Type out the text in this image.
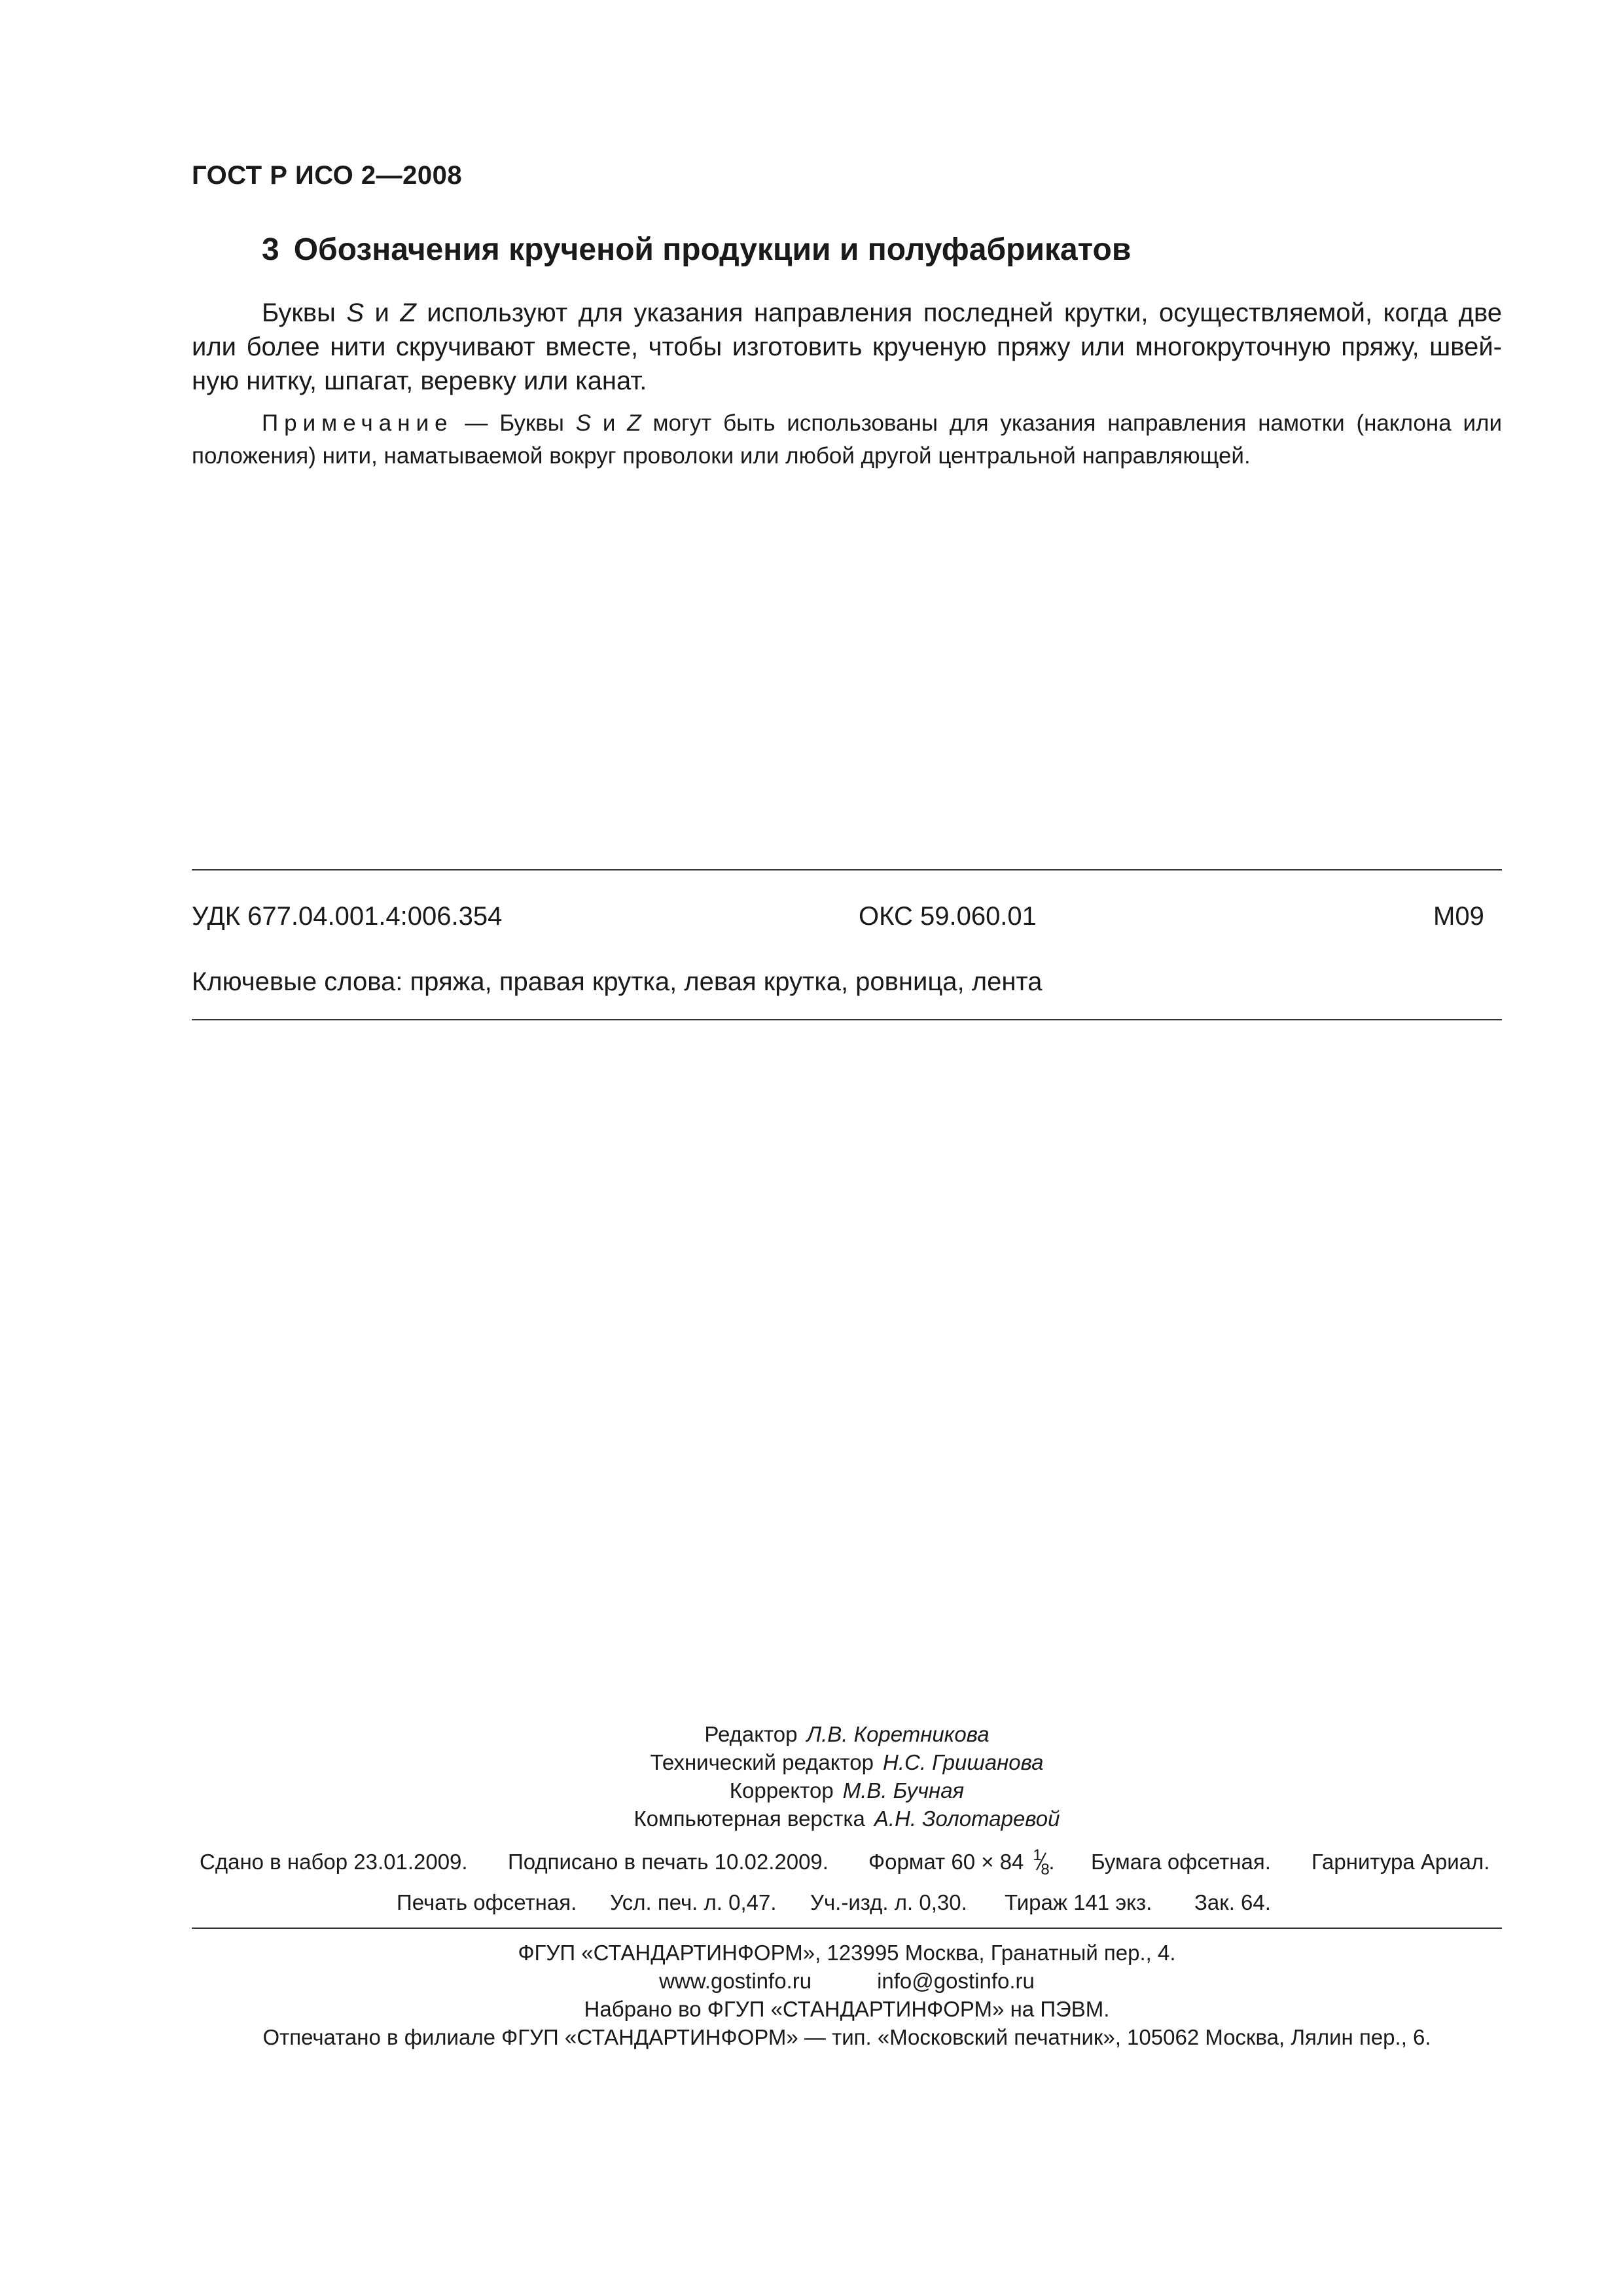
ГОСТ Р ИСО 2—2008
3 Обозначения крученой продукции и полуфабрикатов
Буквы S и Z используют для указания направления последней крутки, осуществляемой, когда две или более нити скручивают вместе, чтобы изготовить крученую пряжу или многокруточную пряжу, швейную нитку, шпагат, веревку или канат.
Примечание — Буквы S и Z могут быть использованы для указания направления намотки (наклона или положения) нити, наматываемой вокруг проволоки или любой другой центральной направляющей.
УДК 677.04.001.4:006.354	ОКС 59.060.01	М09
Ключевые слова: пряжа, правая крутка, левая крутка, ровница, лента
Редактор Л.В. Коретникова
Технический редактор Н.С. Гришанова
Корректор М.В. Бучная
Компьютерная верстка А.Н. Золотаревой
Сдано в набор 23.01.2009. Подписано в печать 10.02.2009. Формат 60 × 84 1
8
. Бумага офсетная. Гарнитура Ариал.
Печать офсетная. Усл. печ. л. 0,47. Уч.-изд. л. 0,30. Тираж 141 экз. Зак. 64.
ФГУП «СТАНДАРТИНФОРМ», 123995 Москва, Гранатный пер., 4.
www.gostinfo.ru	info@gostinfo.ru
Набрано во ФГУП «СТАНДАРТИНФОРМ» на ПЭВМ.
Отпечатано в филиале ФГУП «СТАНДАРТИНФОРМ» — тип. «Московский печатник», 105062 Москва, Лялин пер., 6.
